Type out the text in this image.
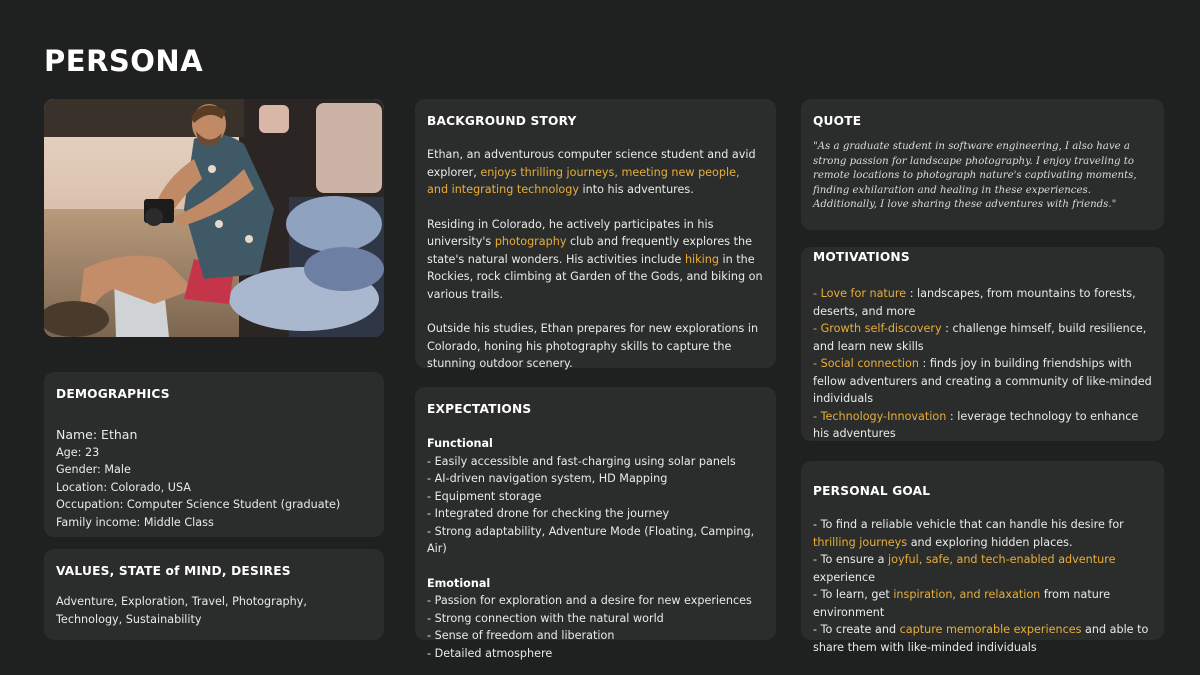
PERSONA
DEMOGRAPHICS
Name: Ethan
Age: 23
Gender: Male
Location: Colorado, USA
Occupation: Computer Science Student (graduate)
Family income: Middle Class
VALUES, STATE of MIND, DESIRES
Adventure, Exploration, Travel, Photography,
Technology, Sustainability
BACKGROUND STORY

Ethan, an adventurous computer science student and avid explorer, enjoys thrilling journeys, meeting new people, and integrating technology into his adventures.

Residing in Colorado, he actively participates in his university's photography club and frequently explores the state's natural wonders. His activities include hiking in the Rockies, rock climbing at Garden of the Gods, and biking on various trails.

Outside his studies, Ethan prepares for new explorations in Colorado, honing his photography skills to capture the stunning outdoor scenery.

EXPECTATIONS
Functional
- Easily accessible and fast-charging using solar panels
- AI-driven navigation system, HD Mapping
- Equipment storage
- Integrated drone for checking the journey
- Strong adaptability, Adventure Mode (Floating, Camping, Air)
Emotional
- Passion for exploration and a desire for new experiences
- Strong connection with the natural world
- Sense of freedom and liberation
- Detailed atmosphere
QUOTE

"As a graduate student in software engineering, I also have a strong passion for landscape photography. I enjoy traveling to remote locations to photograph nature's captivating moments, finding exhilaration and healing in these experiences. Additionally, I love sharing these adventures with friends."

MOTIVATIONS

- Love for nature : landscapes, from mountains to forests, deserts, and more

- Growth self-discovery : challenge himself, build resilience, and learn new skills

- Social connection : finds joy in building friendships with fellow adventurers and creating a community of like-minded individuals

- Technology-Innovation : leverage technology to enhance his adventures

PERSONAL GOAL

- To find a reliable vehicle that can handle his desire for thrilling journeys and exploring hidden places.

- To ensure a joyful, safe, and tech-enabled adventure experience

- To learn, get inspiration, and relaxation from nature environment

- To create and capture memorable experiences and able to share them with like-minded individuals
